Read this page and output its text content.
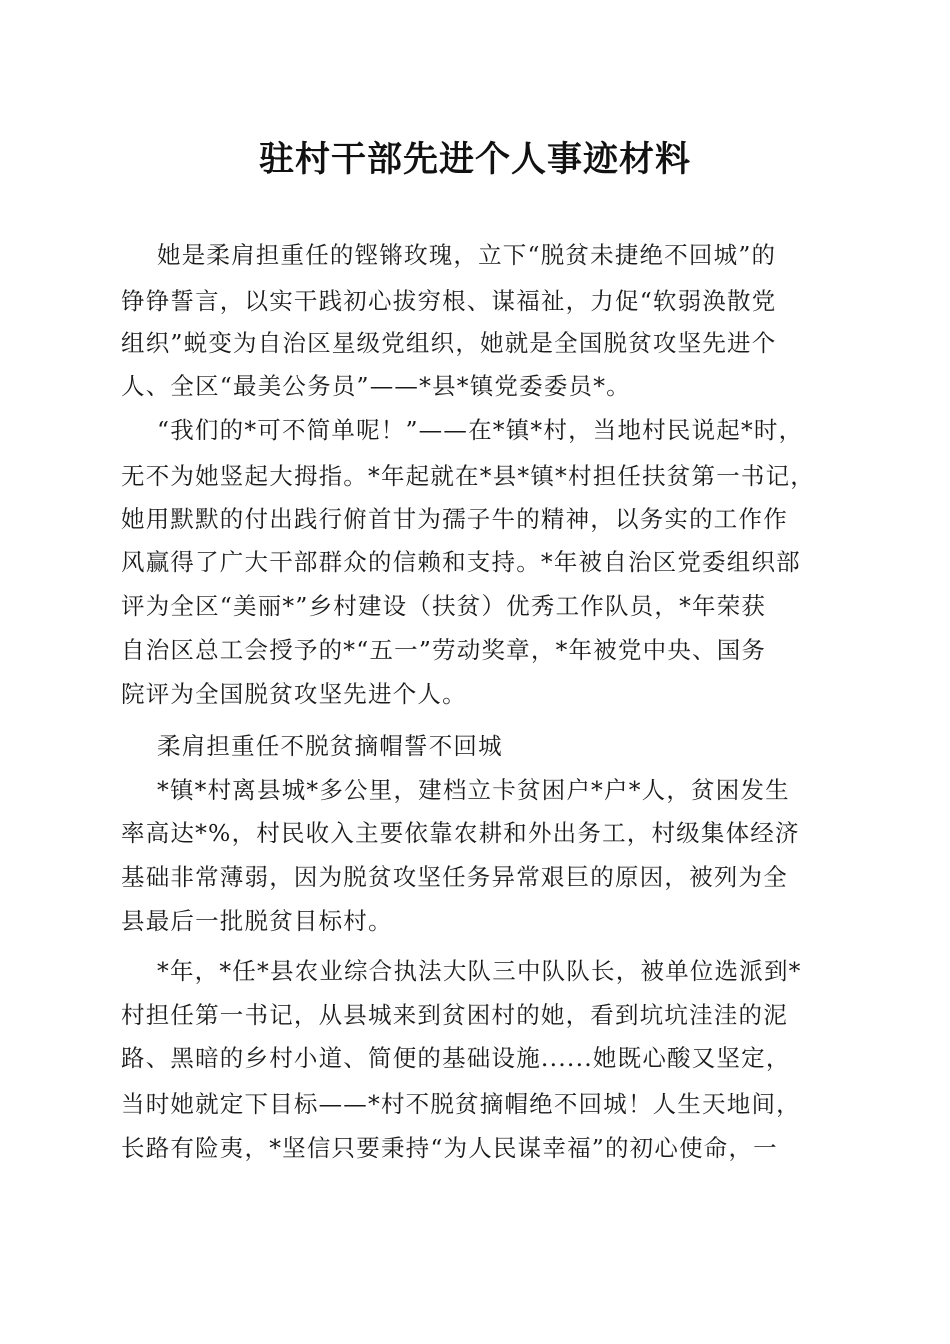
驻村干部先进个人事迹材料
她是柔肩担重任的铿锵玫瑰，立下“脱贫未捷绝不回城”的
铮铮誓言，以实干践初心拔穷根、谋福祉，力促“软弱涣散党
组织”蜕变为自治区星级党组织，她就是全国脱贫攻坚先进个
人、全区“最美公务员”——*县*镇党委委员*。
“我们的*可不简单呢！”——在*镇*村，当地村民说起*时，
无不为她竖起大拇指。*年起就在*县*镇*村担任扶贫第一书记，
她用默默的付出践行俯首甘为孺子牛的精神，以务实的工作作
风赢得了广大干部群众的信赖和支持。*年被自治区党委组织部
评为全区“美丽*”乡村建设（扶贫）优秀工作队员，*年荣获
自治区总工会授予的*“五一”劳动奖章，*年被党中央、国务
院评为全国脱贫攻坚先进个人。
柔肩担重任不脱贫摘帽誓不回城
*镇*村离县城*多公里，建档立卡贫困户*户*人，贫困发生
率高达*%，村民收入主要依靠农耕和外出务工，村级集体经济
基础非常薄弱，因为脱贫攻坚任务异常艰巨的原因，被列为全
县最后一批脱贫目标村。
*年，*任*县农业综合执法大队三中队队长，被单位选派到*
村担任第一书记，从县城来到贫困村的她，看到坑坑洼洼的泥
路、黑暗的乡村小道、简便的基础设施......她既心酸又坚定，
当时她就定下目标——*村不脱贫摘帽绝不回城！人生天地间，
长路有险夷，*坚信只要秉持“为人民谋幸福”的初心使命，一
